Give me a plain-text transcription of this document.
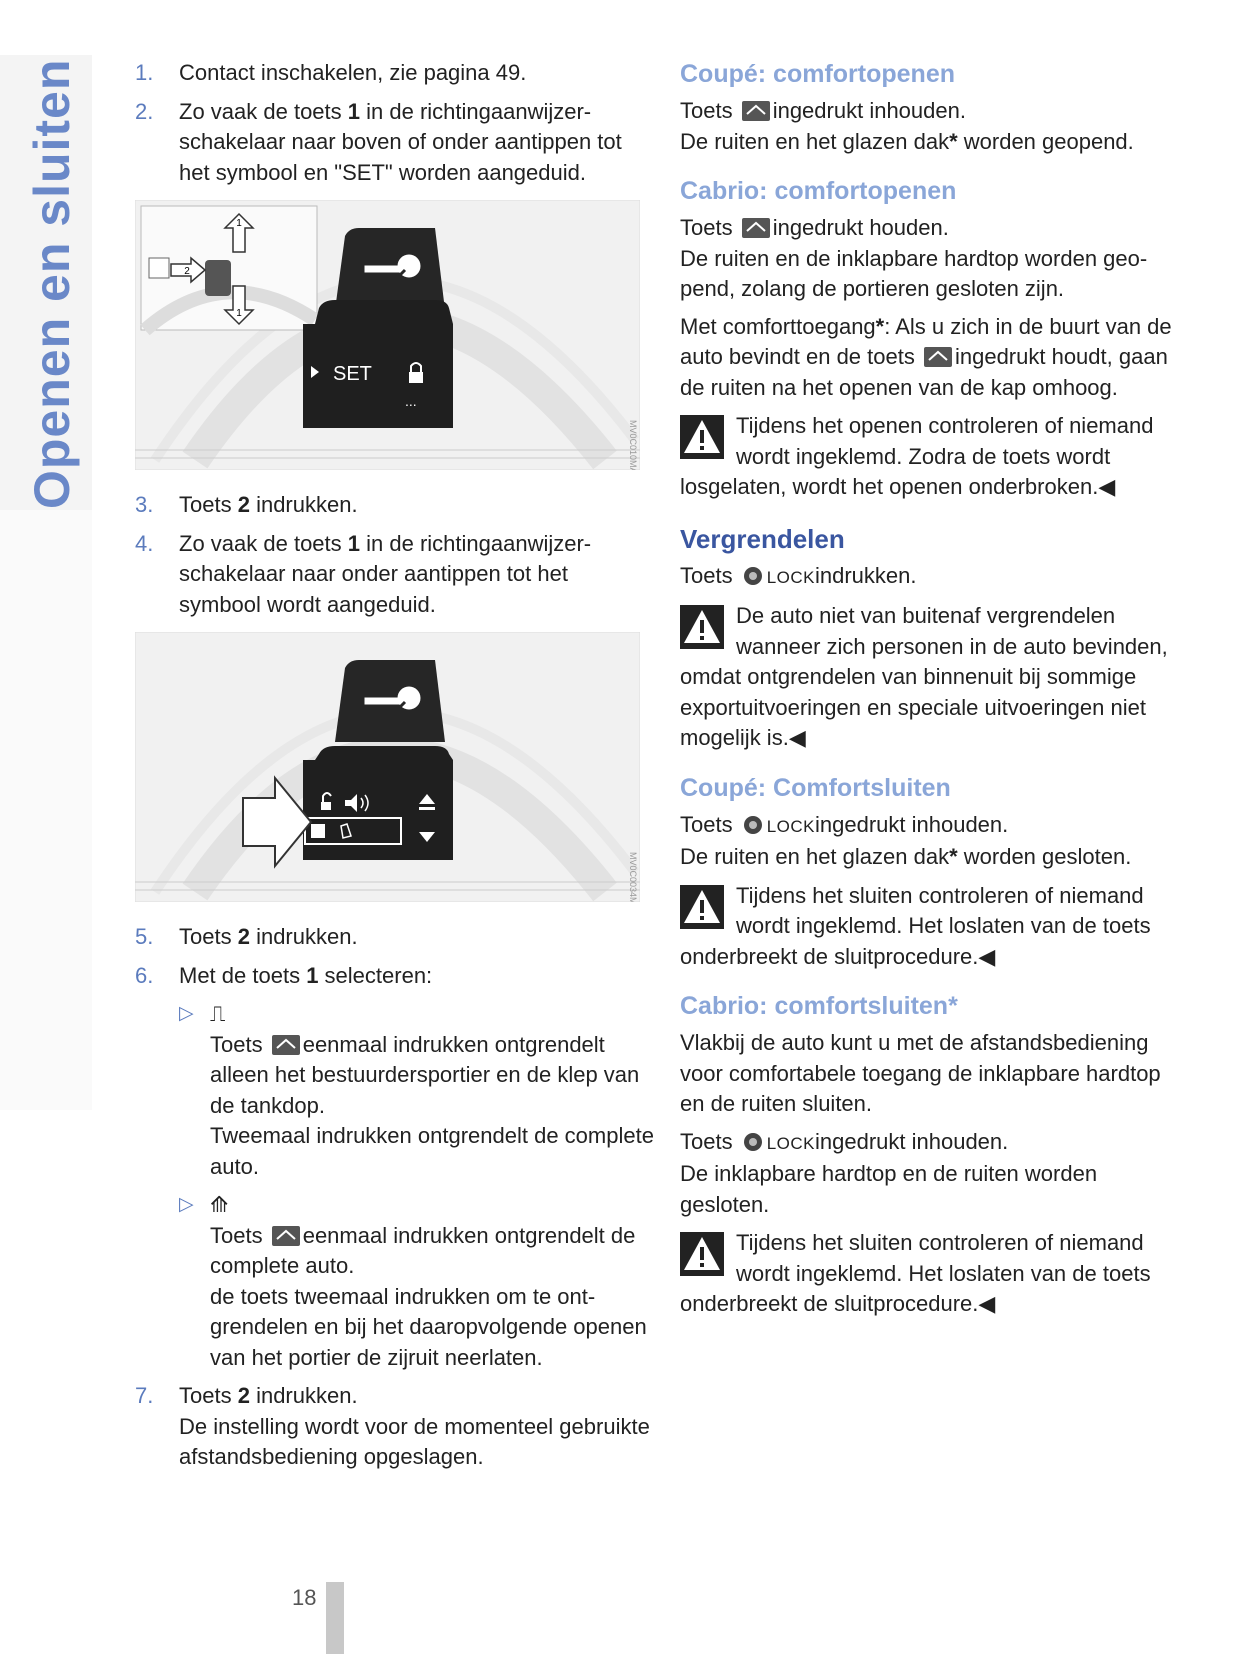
Openen en sluiten	1. Contact inschakelen, zie pagina 49.
2. Zo vaak de toets 1 in de richtingaanwijzerschakelaar naar boven of onder aantippen tot het symbool en "SET" worden aangeduid.
1
1
2
SET
...
MV0C010MA
3. Toets 2 indrukken.
4. Zo vaak de toets 1 in de richtingaanwijzerschakelaar naar onder aantippen tot het symbool wordt aangeduid.
MV0C0034MA
5. Toets 2 indrukken.
6. Met de toets 1 selecteren:
▷ ⎍
Toets eenmaal indrukken ontgrendelt alleen het bestuurdersportier en de klep van de tankdop.
Tweemaal indrukken ontgrendelt de complete auto.
▷ ⟰
Toets eenmaal indrukken ontgrendelt de complete auto.
de toets tweemaal indrukken om te ontgrendelen en bij het daaropvolgende openen van het portier de zijruit neerlaten.
7. Toets 2 indrukken.
De instelling wordt voor de momenteel gebruikte afstandsbediening opgeslagen.
Coupé: comfortopenen
Toets ingedrukt inhouden.

De ruiten en het glazen dak* worden geopend.

Cabrio: comfortopenen
Toets ingedrukt houden.

De ruiten en de inklapbare hardtop worden geopend, zolang de portieren gesloten zijn.

Met comforttoegang*: Als u zich in de buurt van de auto bevindt en de toets ingedrukt houdt, gaan de ruiten na het openen van de kap omhoog.

Tijdens het openen controleren of niemand wordt ingeklemd. Zodra de toets wordt losgelaten, wordt het openen onderbroken.◀
Vergrendelen

Toets LOCKindrukken.

De auto niet van buitenaf vergrendelen wanneer zich personen in de auto bevinden, omdat ontgrendelen van binnenuit bij sommige exportuitvoeringen en speciale uitvoeringen niet mogelijk is.◀
Coupé: Comfortsluiten
Toets LOCKingedrukt inhouden.

De ruiten en het glazen dak* worden gesloten.

Tijdens het sluiten controleren of niemand wordt ingeklemd. Het loslaten van de toets onderbreekt de sluitprocedure.◀
Cabrio: comfortsluiten*

Vlakbij de auto kunt u met de afstandsbediening voor comfortabele toegang de inklapbare hardtop en de ruiten sluiten.

Toets LOCKingedrukt inhouden.

De inklapbare hardtop en de ruiten worden gesloten.

Tijdens het sluiten controleren of niemand wordt ingeklemd. Het loslaten van de toets onderbreekt de sluitprocedure.◀
18
